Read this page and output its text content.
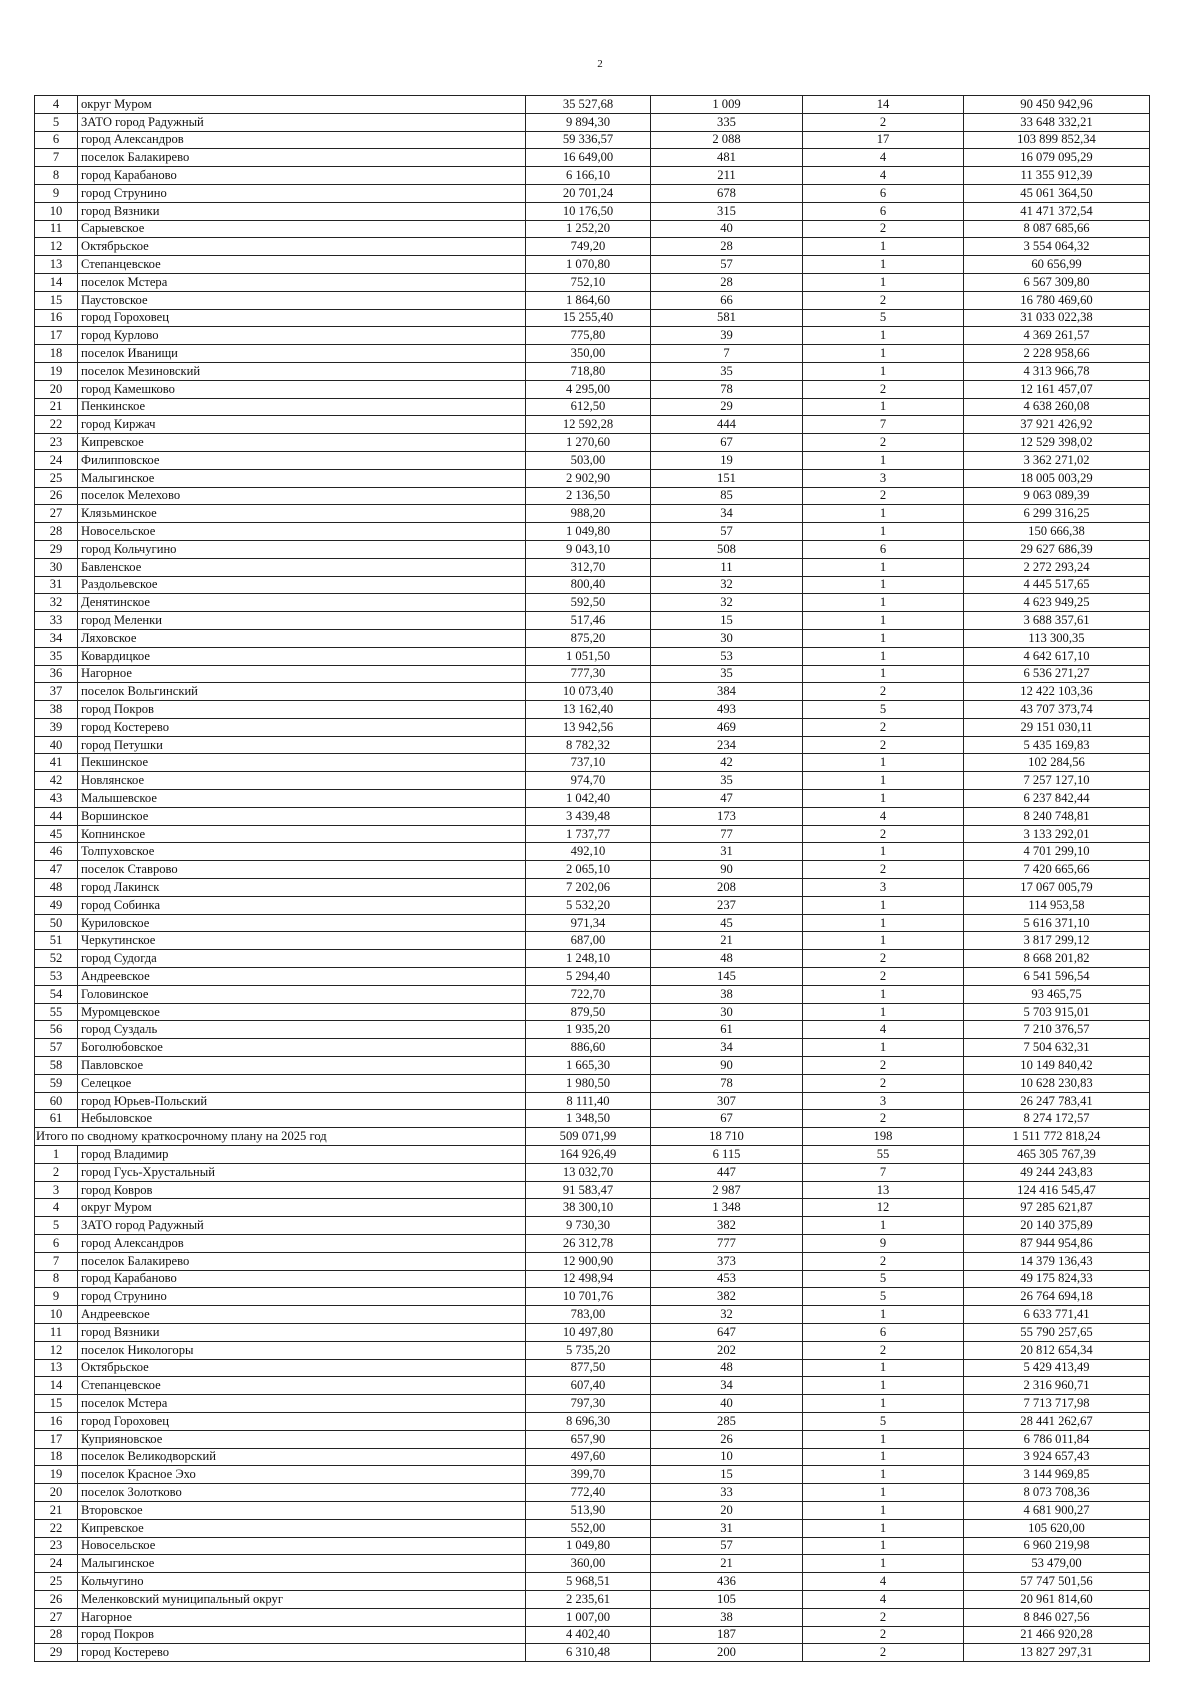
2
4	округ Муром	35 527,68	1 009	14	90 450 942,96
5	ЗАТО город Радужный	9 894,30	335	2	33 648 332,21
6	город Александров	59 336,57	2 088	17	103 899 852,34
7	поселок Балакирево	16 649,00	481	4	16 079 095,29
8	город Карабаново	6 166,10	211	4	11 355 912,39
9	город Струнино	20 701,24	678	6	45 061 364,50
10	город Вязники	10 176,50	315	6	41 471 372,54
11	Сарыевское	1 252,20	40	2	8 087 685,66
12	Октябрьское	749,20	28	1	3 554 064,32
13	Степанцевское	1 070,80	57	1	60 656,99
14	поселок Мстера	752,10	28	1	6 567 309,80
15	Паустовское	1 864,60	66	2	16 780 469,60
16	город Гороховец	15 255,40	581	5	31 033 022,38
17	город Курлово	775,80	39	1	4 369 261,57
18	поселок Иванищи	350,00	7	1	2 228 958,66
19	поселок Мезиновский	718,80	35	1	4 313 966,78
20	город Камешково	4 295,00	78	2	12 161 457,07
21	Пенкинское	612,50	29	1	4 638 260,08
22	город Киржач	12 592,28	444	7	37 921 426,92
23	Кипревское	1 270,60	67	2	12 529 398,02
24	Филипповское	503,00	19	1	3 362 271,02
25	Малыгинское	2 902,90	151	3	18 005 003,29
26	поселок Мелехово	2 136,50	85	2	9 063 089,39
27	Клязьминское	988,20	34	1	6 299 316,25
28	Новосельское	1 049,80	57	1	150 666,38
29	город Кольчугино	9 043,10	508	6	29 627 686,39
30	Бавленское	312,70	11	1	2 272 293,24
31	Раздольевское	800,40	32	1	4 445 517,65
32	Денятинское	592,50	32	1	4 623 949,25
33	город Меленки	517,46	15	1	3 688 357,61
34	Ляховское	875,20	30	1	113 300,35
35	Ковардицкое	1 051,50	53	1	4 642 617,10
36	Нагорное	777,30	35	1	6 536 271,27
37	поселок Вольгинский	10 073,40	384	2	12 422 103,36
38	город Покров	13 162,40	493	5	43 707 373,74
39	город Костерево	13 942,56	469	2	29 151 030,11
40	город Петушки	8 782,32	234	2	5 435 169,83
41	Пекшинское	737,10	42	1	102 284,56
42	Новлянское	974,70	35	1	7 257 127,10
43	Малышевское	1 042,40	47	1	6 237 842,44
44	Воршинское	3 439,48	173	4	8 240 748,81
45	Копнинское	1 737,77	77	2	3 133 292,01
46	Толпуховское	492,10	31	1	4 701 299,10
47	поселок Ставрово	2 065,10	90	2	7 420 665,66
48	город Лакинск	7 202,06	208	3	17 067 005,79
49	город Собинка	5 532,20	237	1	114 953,58
50	Куриловское	971,34	45	1	5 616 371,10
51	Черкутинское	687,00	21	1	3 817 299,12
52	город Судогда	1 248,10	48	2	8 668 201,82
53	Андреевское	5 294,40	145	2	6 541 596,54
54	Головинское	722,70	38	1	93 465,75
55	Муромцевское	879,50	30	1	5 703 915,01
56	город Суздаль	1 935,20	61	4	7 210 376,57
57	Боголюбовское	886,60	34	1	7 504 632,31
58	Павловское	1 665,30	90	2	10 149 840,42
59	Селецкое	1 980,50	78	2	10 628 230,83
60	город Юрьев-Польский	8 111,40	307	3	26 247 783,41
61	Небыловское	1 348,50	67	2	8 274 172,57
Итого по сводному краткосрочному плану на 2025 год		509 071,99	18 710	198	1 511 772 818,24
1	город Владимир	164 926,49	6 115	55	465 305 767,39
2	город Гусь-Хрустальный	13 032,70	447	7	49 244 243,83
3	город Ковров	91 583,47	2 987	13	124 416 545,47
4	округ Муром	38 300,10	1 348	12	97 285 621,87
5	ЗАТО город Радужный	9 730,30	382	1	20 140 375,89
6	город Александров	26 312,78	777	9	87 944 954,86
7	поселок Балакирево	12 900,90	373	2	14 379 136,43
8	город Карабаново	12 498,94	453	5	49 175 824,33
9	город Струнино	10 701,76	382	5	26 764 694,18
10	Андреевское	783,00	32	1	6 633 771,41
11	город Вязники	10 497,80	647	6	55 790 257,65
12	поселок Никологоры	5 735,20	202	2	20 812 654,34
13	Октябрьское	877,50	48	1	5 429 413,49
14	Степанцевское	607,40	34	1	2 316 960,71
15	поселок Мстера	797,30	40	1	7 713 717,98
16	город Гороховец	8 696,30	285	5	28 441 262,67
17	Куприяновское	657,90	26	1	6 786 011,84
18	поселок Великодворский	497,60	10	1	3 924 657,43
19	поселок Красное Эхо	399,70	15	1	3 144 969,85
20	поселок Золотково	772,40	33	1	8 073 708,36
21	Второвское	513,90	20	1	4 681 900,27
22	Кипревское	552,00	31	1	105 620,00
23	Новосельское	1 049,80	57	1	6 960 219,98
24	Малыгинское	360,00	21	1	53 479,00
25	Кольчугино	5 968,51	436	4	57 747 501,56
26	Меленковский муниципальный округ	2 235,61	105	4	20 961 814,60
27	Нагорное	1 007,00	38	2	8 846 027,56
28	город Покров	4 402,40	187	2	21 466 920,28
29	город Костерево	6 310,48	200	2	13 827 297,31
